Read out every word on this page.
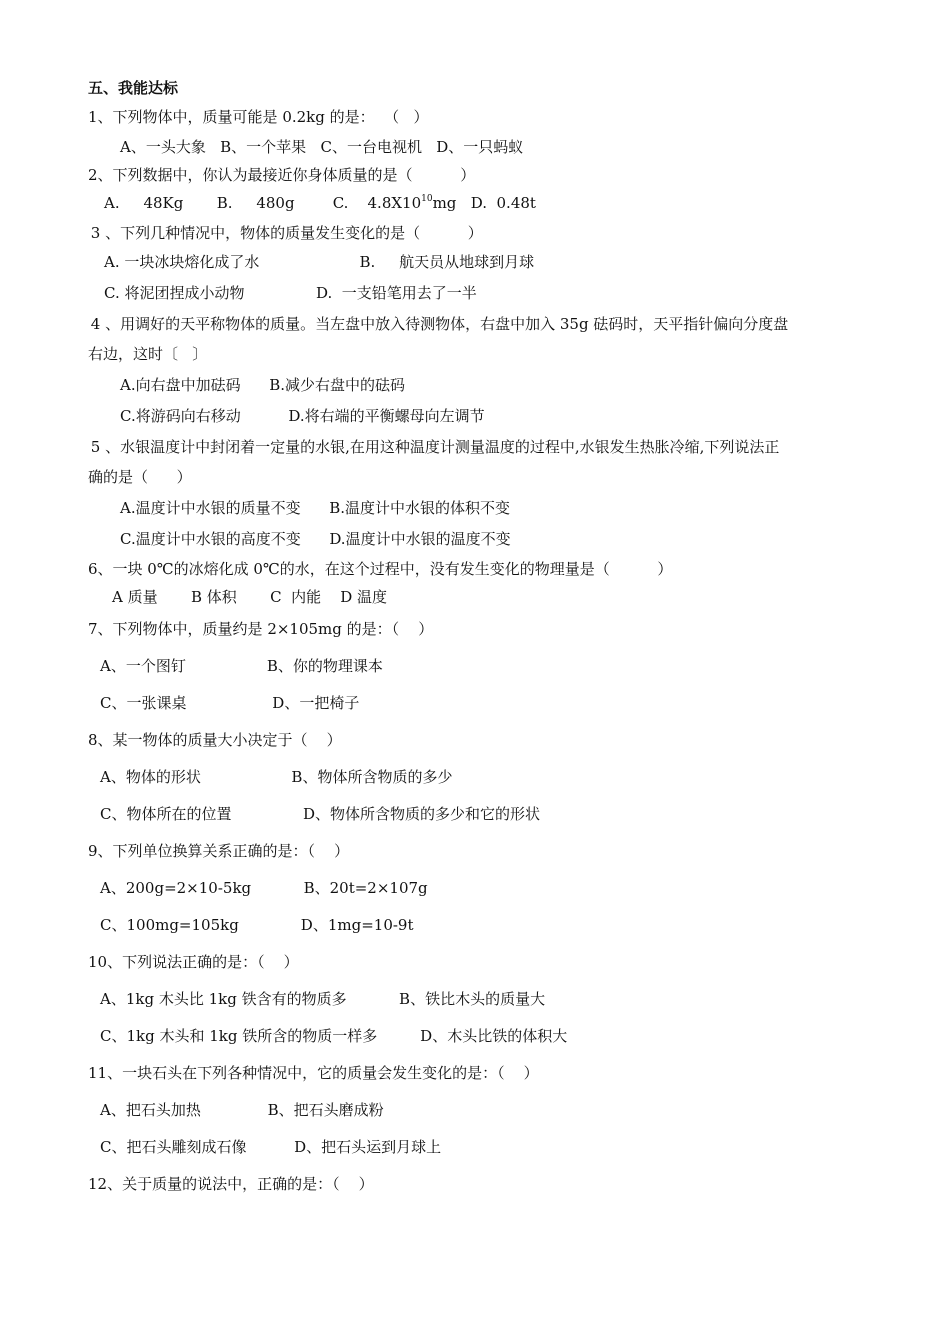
五、我能达标
1、下列物体中，质量可能是 0.2kg 的是：  （   ）
A、一头大象   B、一个苹果   C、一台电视机   D、一只蚂蚁
2、下列数据中，你认为最接近你身体质量的是（          ）
A.     48Kg       B.     480g        C.    $4.8X10^{10}mg$   D.  0.48t
3 、下列几种情况中，物体的质量发生变化的是（          ）
A. 一块冰块熔化成了水                     B.     航天员从地球到月球
C. 将泥团捏成小动物               D.  一支铅笔用去了一半
4 、用调好的天平称物体的质量。当左盘中放入待测物体，右盘中加入 35g 砝码时，天平指针偏向分度盘
右边，这时〔   〕
A.向右盘中加砝码      B.减少右盘中的砝码
C.将游码向右移动          D.将右端的平衡螺母向左调节
5 、水银温度计中封闭着一定量的水银,在用这种温度计测量温度的过程中,水银发生热胀冷缩,下列说法正
确的是（      ）
A.温度计中水银的质量不变      B.温度计中水银的体积不变
C.温度计中水银的高度不变      D.温度计中水银的温度不变
6、一块 0℃的冰熔化成 0℃的水，在这个过程中，没有发生变化的物理量是（          ）
A 质量       B 体积       C  内能    D 温度
7、下列物体中，质量约是 2×105mg 的是：（    ）
A、一个图钉                 B、你的物理课本
C、一张课桌                  D、一把椅子
8、某一物体的质量大小决定于（    ）
A、物体的形状                   B、物体所含物质的多少
C、物体所在的位置               D、物体所含物质的多少和它的形状
9、下列单位换算关系正确的是：（    ）
A、200g=2×10-5kg           B、20t=2×107g
C、100mg=105kg             D、1mg=10-9t
10、下列说法正确的是：（    ）
A、1kg 木头比 1kg 铁含有的物质多           B、铁比木头的质量大
C、1kg 木头和 1kg 铁所含的物质一样多         D、木头比铁的体积大
11、一块石头在下列各种情况中，它的质量会发生变化的是：（    ）
A、把石头加热              B、把石头磨成粉
C、把石头雕刻成石像          D、把石头运到月球上
12、关于质量的说法中，正确的是：（    ）
